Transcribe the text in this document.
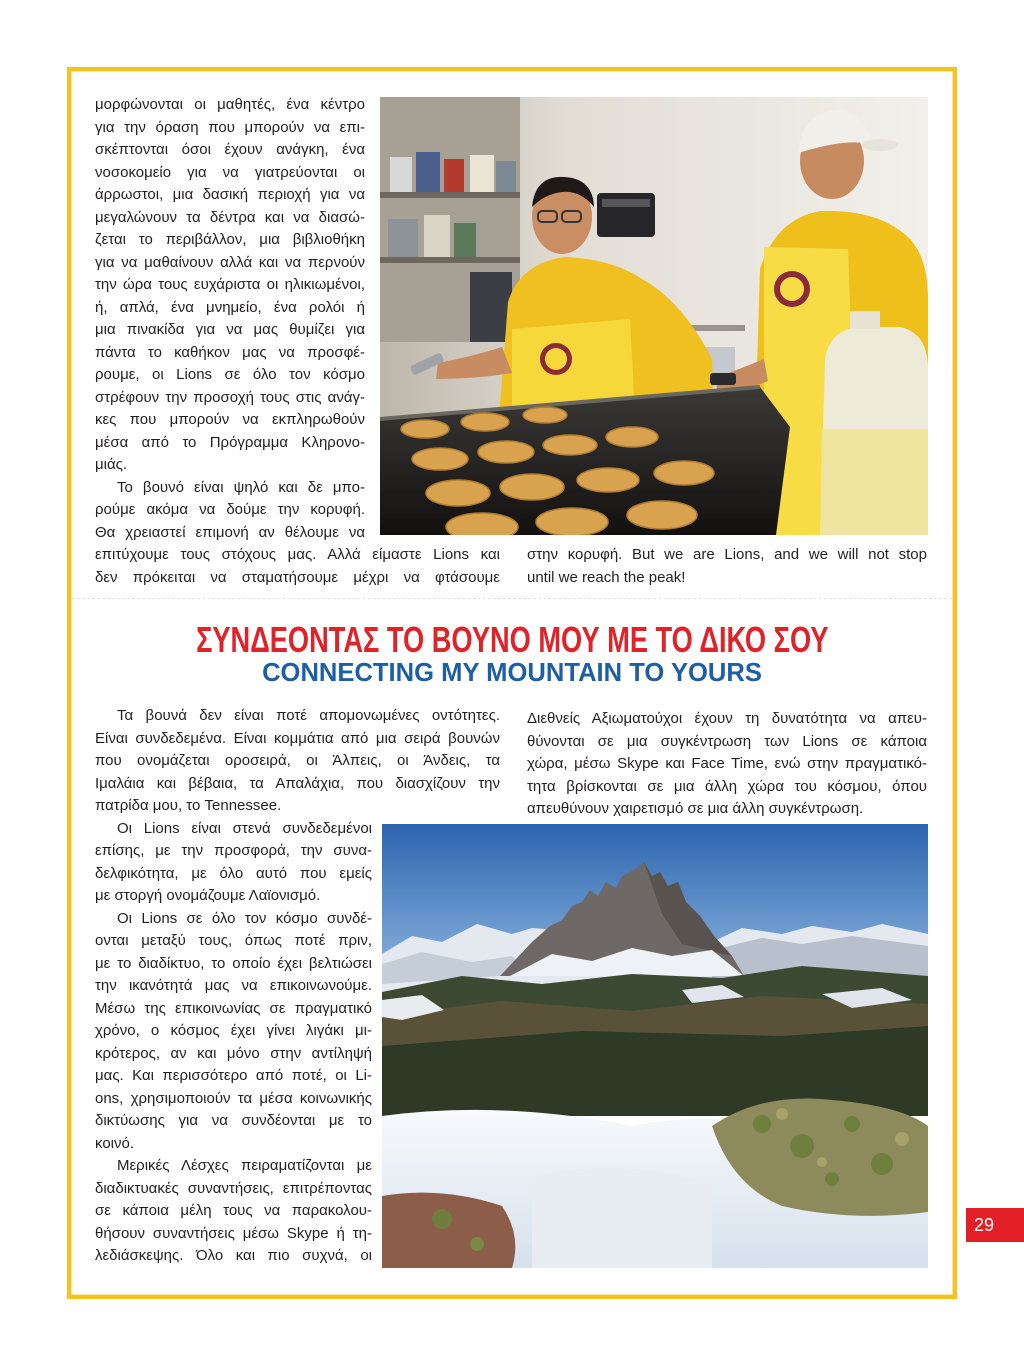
μορφώνονται οι μαθητές, ένα κέντρο
για την όραση που μπορούν να επι-
σκέπτονται όσοι έχουν ανάγκη, ένα
νοσοκομείο για να γιατρεύονται οι
άρρωστοι, μια δασική περιοχή για να
μεγαλώνουν τα δέντρα και να διασώ-
ζεται το περιβάλλον, μια βιβλιοθήκη
για να μαθαίνουν αλλά και να περνούν
την ώρα τους ευχάριστα οι ηλικιωμένοι,
ή, απλά, ένα μνημείο, ένα ρολόι ή
μια πινακίδα για να μας θυμίζει για
πάντα το καθήκον μας να προσφέ-
ρουμε, οι Lions σε όλο τον κόσμο
στρέφουν την προσοχή τους στις ανάγ-
κες που μπορούν να εκπληρωθούν
μέσα από το Πρόγραμμα Κληρονο-
μιάς.
Το βουνό είναι ψηλό και δε μπο-
ρούμε ακόμα να δούμε την κορυφή.
Θα χρειαστεί επιμονή αν θέλουμε να
επιτύχουμε τους στόχους μας. Αλλά είμαστε Lions και
δεν πρόκειται να σταματήσουμε μέχρι να φτάσουμε
στην κορυφή. But we are Lions, and we will not stop
until we reach the peak!
ΣΥΝΔΕΟΝΤΑΣ ΤΟ ΒΟΥΝΟ ΜΟΥ ΜΕ ΤΟ ΔΙΚΟ ΣΟΥ
CONNECTING MY MOUNTAIN TO YOURS
Τα βουνά δεν είναι ποτέ απομονωμένες οντότητες.
Είναι συνδεδεμένα. Είναι κομμάτια από μια σειρά βουνών
που ονομάζεται οροσειρά, οι Άλπεις, οι Άνδεις, τα
Ιμαλάια και βέβαια, τα Απαλάχια, που διασχίζουν την
πατρίδα μου, το Tennessee.
Οι Lions είναι στενά συνδεδεμένοι
επίσης, με την προσφορά, την συνα-
δελφικότητα, με όλο αυτό που εμείς
με στοργή ονομάζουμε Λαϊονισμό.
Οι Lions σε όλο τον κόσμο συνδέ-
ονται μεταξύ τους, όπως ποτέ πριν,
με το διαδίκτυο, το οποίο έχει βελτιώσει
την ικανότητά μας να επικοινωνούμε.
Μέσω της επικοινωνίας σε πραγματικό
χρόνο, ο κόσμος έχει γίνει λιγάκι μι-
κρότερος, αν και μόνο στην αντίληψή
μας. Και περισσότερο από ποτέ, οι Li-
ons, χρησιμοποιούν τα μέσα κοινωνικής
δικτύωσης για να συνδέονται με το
κοινό.
Μερικές Λέσχες πειραματίζονται με
διαδικτυακές συναντήσεις, επιτρέποντας
σε κάποια μέλη τους να παρακολου-
θήσουν συναντήσεις μέσω Skype ή τη-
λεδιάσκεψης. Όλο και πιο συχνά, οι
Διεθνείς Αξιωματούχοι έχουν τη δυνατότητα να απευ-
θύνονται σε μια συγκέντρωση των Lions σε κάποια
χώρα, μέσω Skype και Face Time, ενώ στην πραγματικό-
τητα βρίσκονται σε μια άλλη χώρα του κόσμου, όπου
απευθύνουν χαιρετισμό σε μια άλλη συγκέντρωση.
29
